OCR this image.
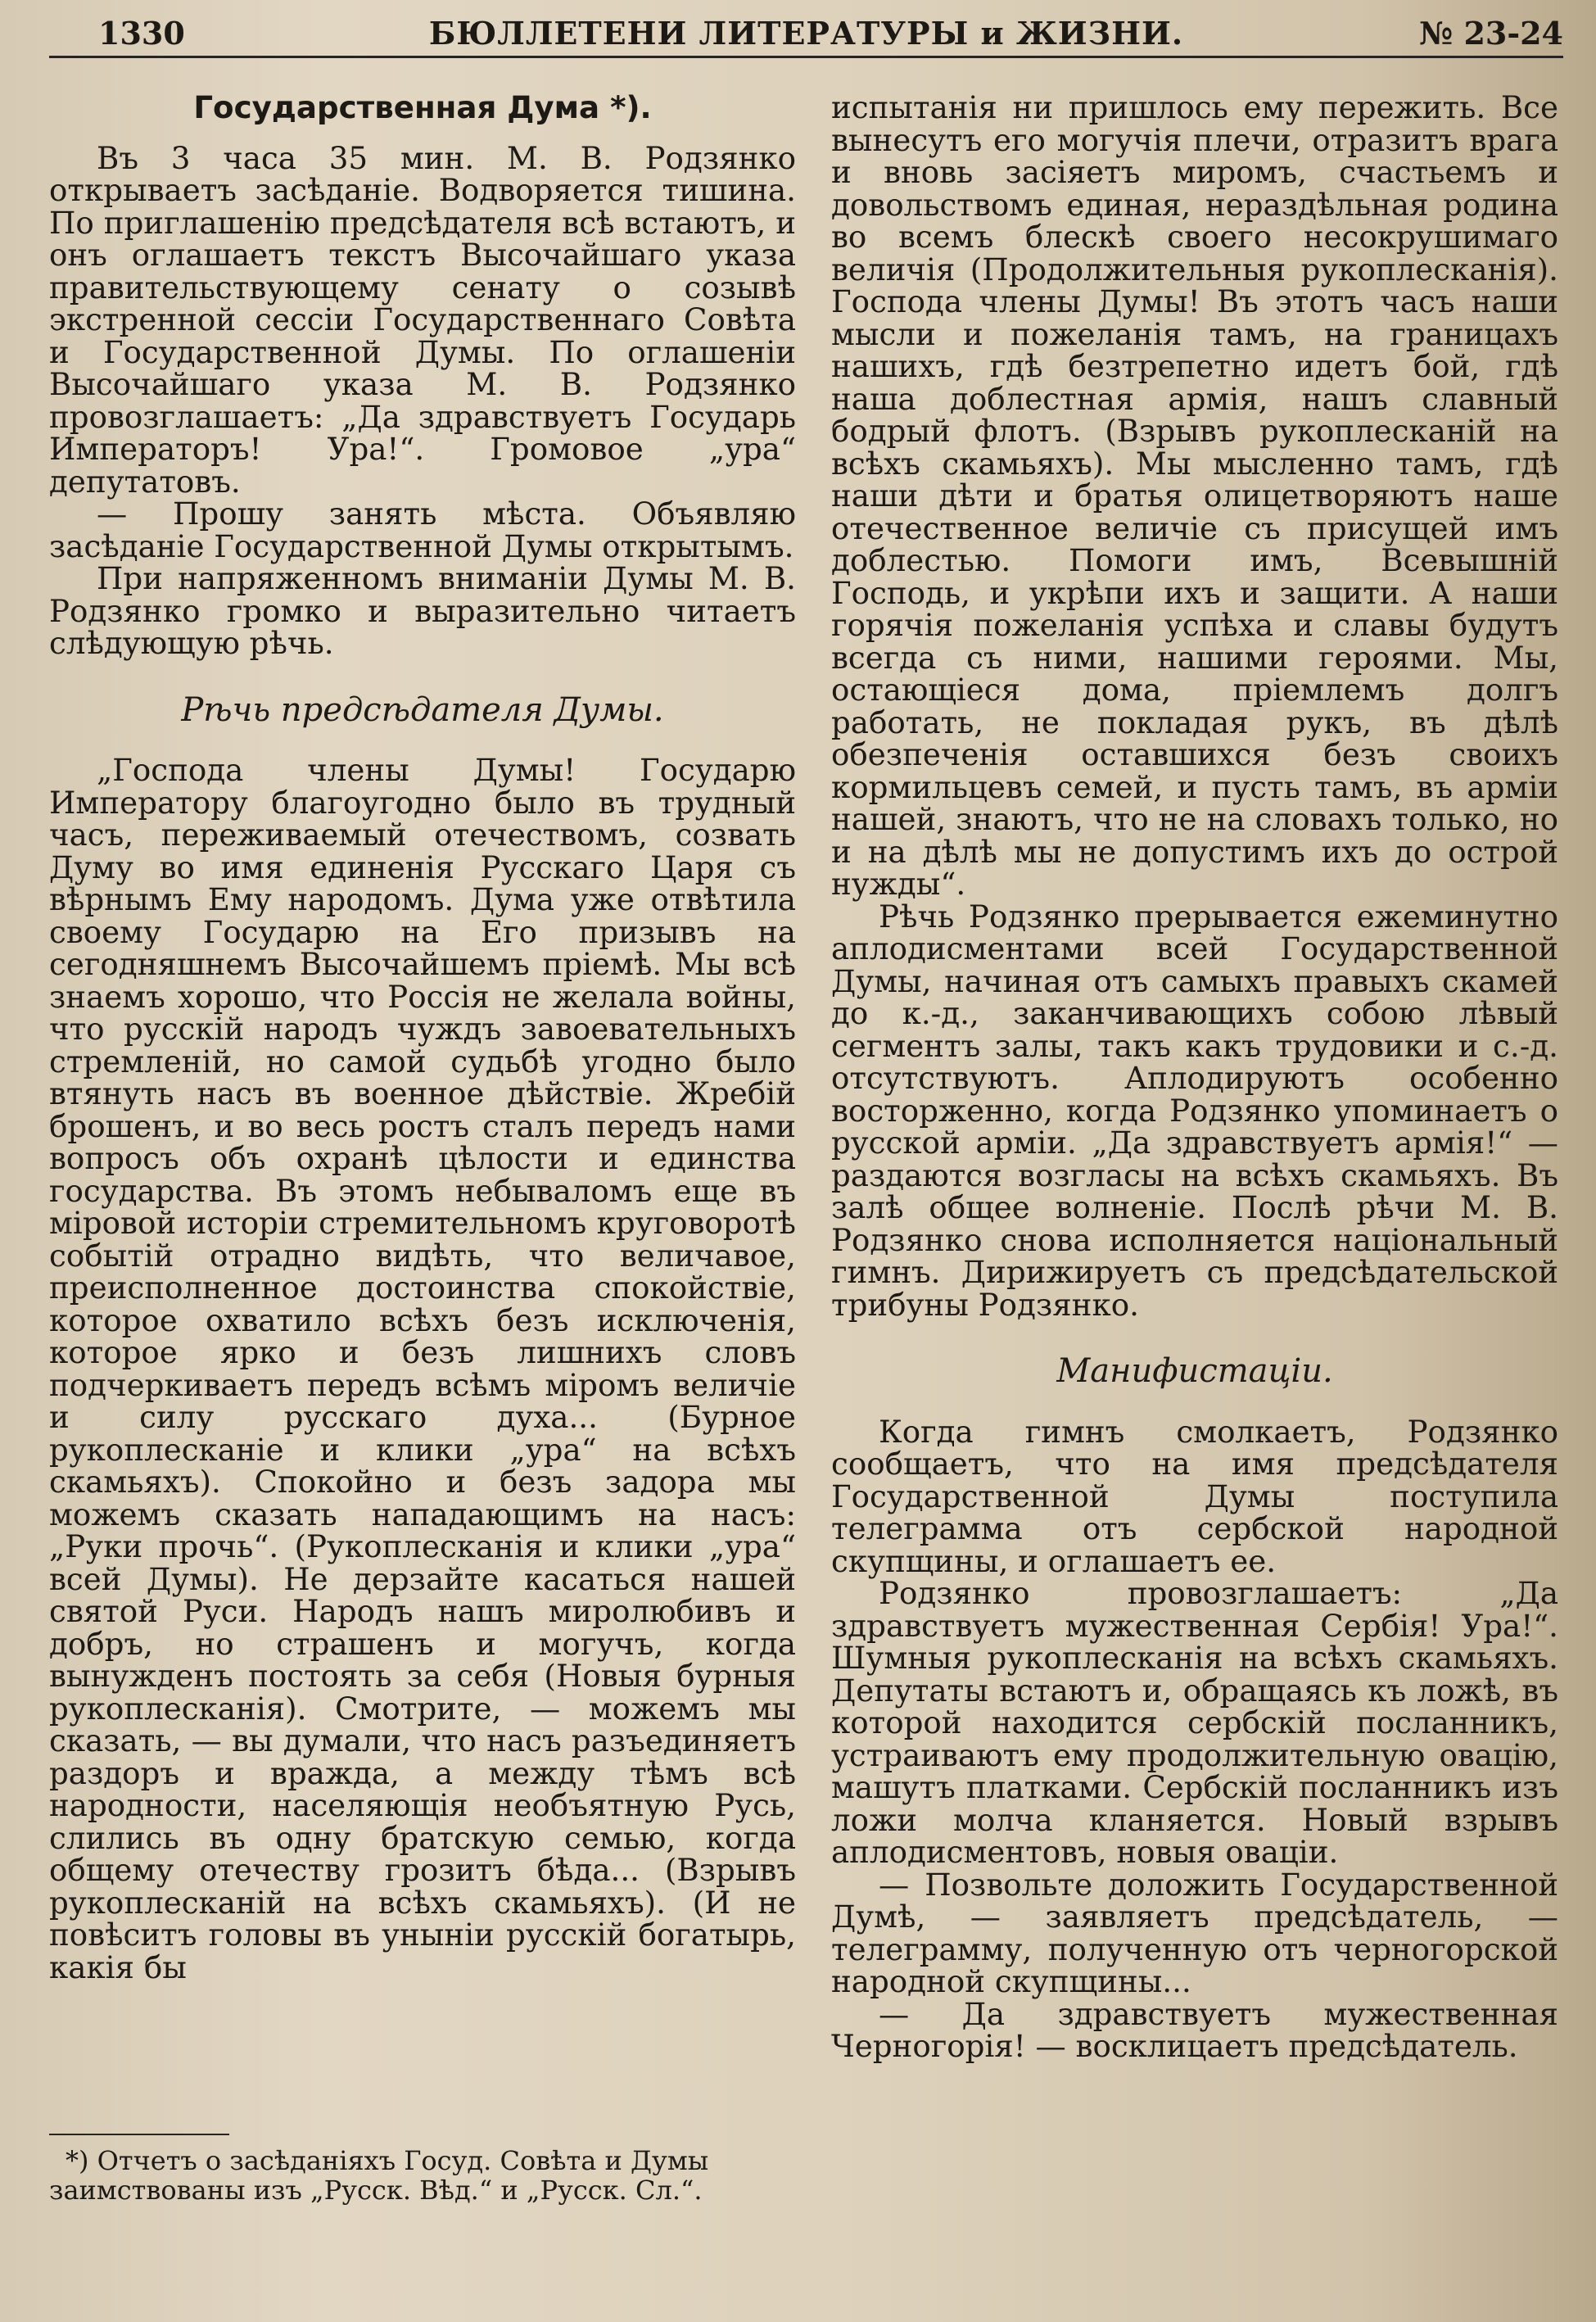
1330	БЮЛЛЕТЕНИ ЛИТЕРАТУРЫ и ЖИЗНИ.	№ 23-24
Государственная Дума *).

Въ 3 часа 35 мин. М. В. Родзянко открываетъ засѣданіе. Водворяется тишина. По приглашенію предсѣдателя всѣ встаютъ, и онъ оглашаетъ текстъ Высочайшаго указа правительствующему сенату о созывѣ экстренной сессіи Государственнаго Совѣта и Государственной Думы. По оглашеніи Высочайшаго указа М. В. Родзянко провозглашаетъ: „Да здравствуетъ Государь Императоръ! Ура!“. Громовое „ура“ депутатовъ.

— Прошу занять мѣста. Объявляю засѣданіе Государственной Думы открытымъ.

При напряженномъ вниманіи Думы М. В. Родзянко громко и выразительно читаетъ слѣдующую рѣчь.

Рѣчь предсѣдателя Думы.

„Господа члены Думы! Государю Императору благоугодно было въ трудный часъ, переживаемый отечествомъ, созвать Думу во имя единенія Русскаго Царя съ вѣрнымъ Ему народомъ. Дума уже отвѣтила своему Государю на Его призывъ на сегодняшнемъ Высочайшемъ пріемѣ. Мы всѣ знаемъ хорошо, что Россія не желала войны, что русскій народъ чуждъ завоевательныхъ стремленій, но самой судьбѣ угодно было втянуть насъ въ военное дѣйствіе. Жребій брошенъ, и во весь ростъ сталъ передъ нами вопросъ объ охранѣ цѣлости и единства государства. Въ этомъ небываломъ еще въ міровой исторіи стремительномъ круговоротѣ событій отрадно видѣть, что величавое, преисполненное достоинства спокойствіе, которое охватило всѣхъ безъ исключенія, которое ярко и безъ лишнихъ словъ подчеркиваетъ передъ всѣмъ міромъ величіе и силу русскаго духа... (Бурное рукоплесканіе и клики „ура“ на всѣхъ скамьяхъ). Спокойно и безъ задора мы можемъ сказать нападающимъ на насъ: „Руки прочь“. (Рукоплесканія и клики „ура“ всей Думы). Не дерзайте касаться нашей святой Руси. Народъ нашъ миролюбивъ и добръ, но страшенъ и могучъ, когда вынужденъ постоять за себя (Новыя бурныя рукоплесканія). Смотрите, — можемъ мы сказать, — вы думали, что насъ разъединяетъ раздоръ и вражда, а между тѣмъ всѣ народности, населяющія необъятную Русь, слились въ одну братскую семью, когда общему отечеству грозитъ бѣда... (Взрывъ рукоплесканій на всѣхъ скамьяхъ). (И не повѣситъ головы въ уныніи русскій богатырь, какія бы

испытанія ни пришлось ему пережить. Все вынесутъ его могучія плечи, отразитъ врага и вновь засіяетъ миромъ, счастьемъ и довольствомъ единая, нераздѣльная родина во всемъ блескѣ своего несокрушимаго величія (Продолжительныя рукоплесканія). Господа члены Думы! Въ этотъ часъ наши мысли и пожеланія тамъ, на границахъ нашихъ, гдѣ безтрепетно идетъ бой, гдѣ наша доблестная армія, нашъ славный бодрый флотъ. (Взрывъ рукоплесканій на всѣхъ скамьяхъ). Мы мысленно тамъ, гдѣ наши дѣти и братья олицетворяютъ наше отечественное величіе съ присущей имъ доблестью. Помоги имъ, Всевышній Господь, и укрѣпи ихъ и защити. А наши горячія пожеланія успѣха и славы будутъ всегда съ ними, нашими героями. Мы, остающіеся дома, пріемлемъ долгъ работать, не покладая рукъ, въ дѣлѣ обезпеченія оставшихся безъ своихъ кормильцевъ семей, и пусть тамъ, въ арміи нашей, знаютъ, что не на словахъ только, но и на дѣлѣ мы не допустимъ ихъ до острой нужды“.

Рѣчь Родзянко прерывается ежеминутно аплодисментами всей Государственной Думы, начиная отъ самыхъ правыхъ скамей до к.-д., заканчивающихъ собою лѣвый сегментъ залы, такъ какъ трудовики и с.-д. отсутствуютъ. Аплодируютъ особенно восторженно, когда Родзянко упоминаетъ о русской арміи. „Да здравствуетъ армія!“ — раздаются возгласы на всѣхъ скамьяхъ. Въ залѣ общее волненіе. Послѣ рѣчи М. В. Родзянко снова исполняется національный гимнъ. Дирижируетъ съ предсѣдательской трибуны Родзянко.

Манифистаціи.

Когда гимнъ смолкаетъ, Родзянко сообщаетъ, что на имя предсѣдателя Государственной Думы поступила телеграмма отъ сербской народной скупщины, и оглашаетъ ее.

Родзянко провозглашаетъ: „Да здравствуетъ мужественная Сербія! Ура!“. Шумныя рукоплесканія на всѣхъ скамьяхъ. Депутаты встаютъ и, обращаясь къ ложѣ, въ которой находится сербскій посланникъ, устраиваютъ ему продолжительную овацію, машутъ платками. Сербскій посланникъ изъ ложи молча кланяется. Новый взрывъ аплодисментовъ, новыя оваціи.

— Позвольте доложить Государственной Думѣ, — заявляетъ предсѣдатель, — телеграмму, полученную отъ черногорской народной скупщины...

— Да здравствуетъ мужественная Черногорія! — восклицаетъ предсѣдатель.

*) Отчетъ о засѣданіяхъ Госуд. Совѣта и Думы заимствованы изъ „Русск. Вѣд.“ и „Русск. Сл.“.
